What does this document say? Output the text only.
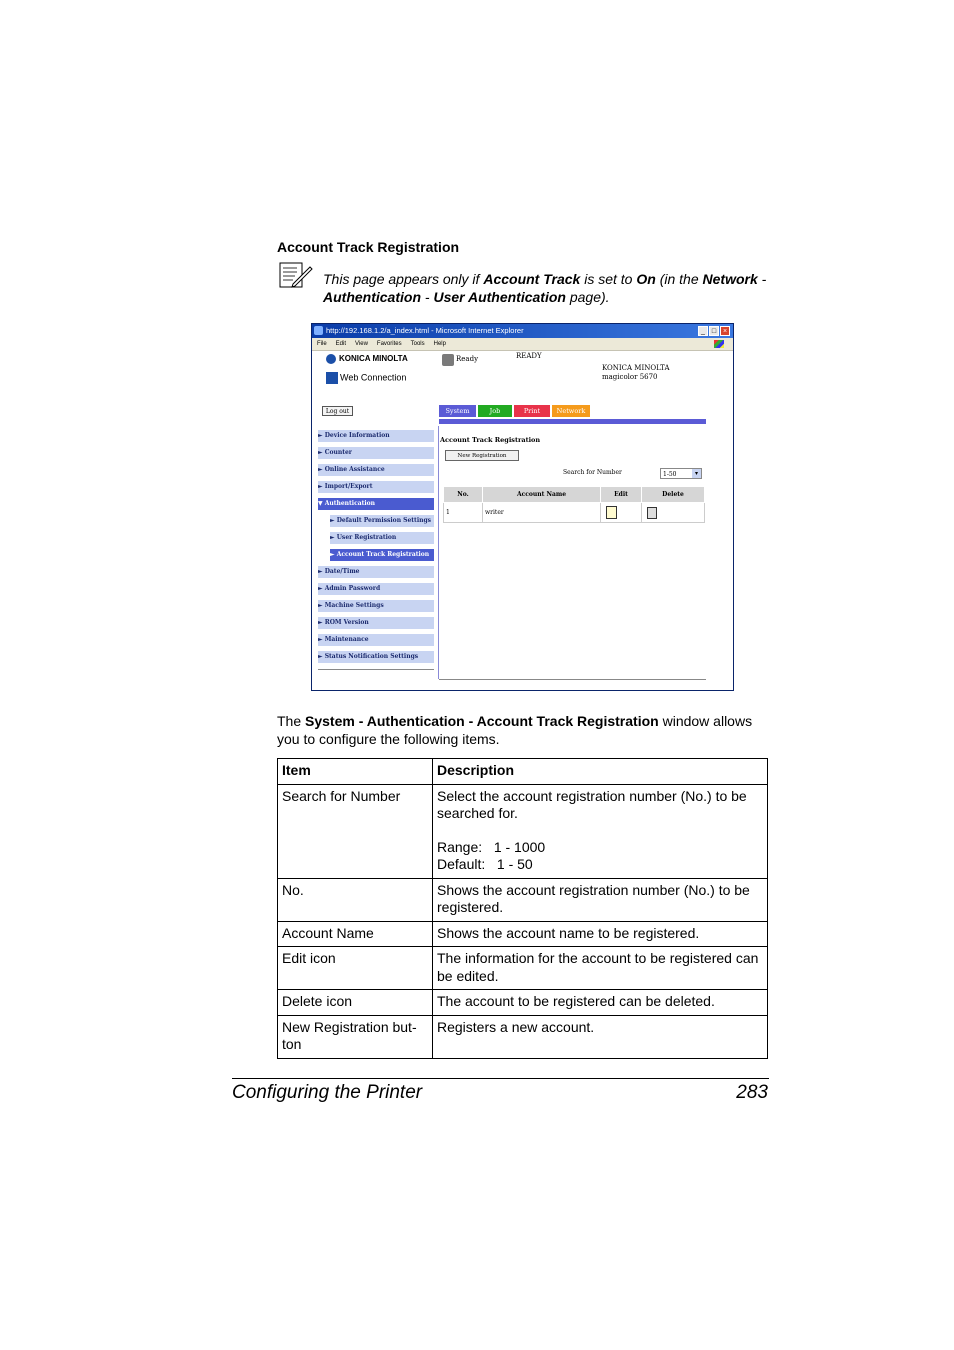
Account Track Registration
This page appears only if Account Track is set to On (in the Network - Authentication - User Authentication page).
http://192.168.1.2/a_index.html - Microsoft Internet Explorer	_ □ ×
File Edit View Favorites Tools Help
KONICA MINOLTA
Web Connection
Ready	READY
KONICA MINOLTA
magicolor 5670
Log out	System	Job	Print	Network
► Device Information
► Counter
► Online Assistance
► Import/Export
▼ Authentication
► Default Permission Settings
► User Registration
► Account Track Registration
► Date/Time
► Admin Password
► Machine Settings
► ROM Version
► Maintenance
► Status Notification Settings
Account Track Registration
New Registration
Search for Number	1-50	▾
No.	Account Name	Edit	Delete
1	writer		
The System - Authentication - Account Track Registration window allows you to configure the following items.
Item	Description
Search for Number	Select the account registration number (No.) to be searched for.

Range:   1 - 1000

Default:   1 - 50

No.	Shows the account registration number (No.) to be registered.

Account Name	Shows the account name to be registered.

Edit icon	The information for the account to be registered can be edited.

Delete icon	The account to be registered can be deleted.

New Registration but-
ton	Registers a new account.

Configuring the Printer	283
